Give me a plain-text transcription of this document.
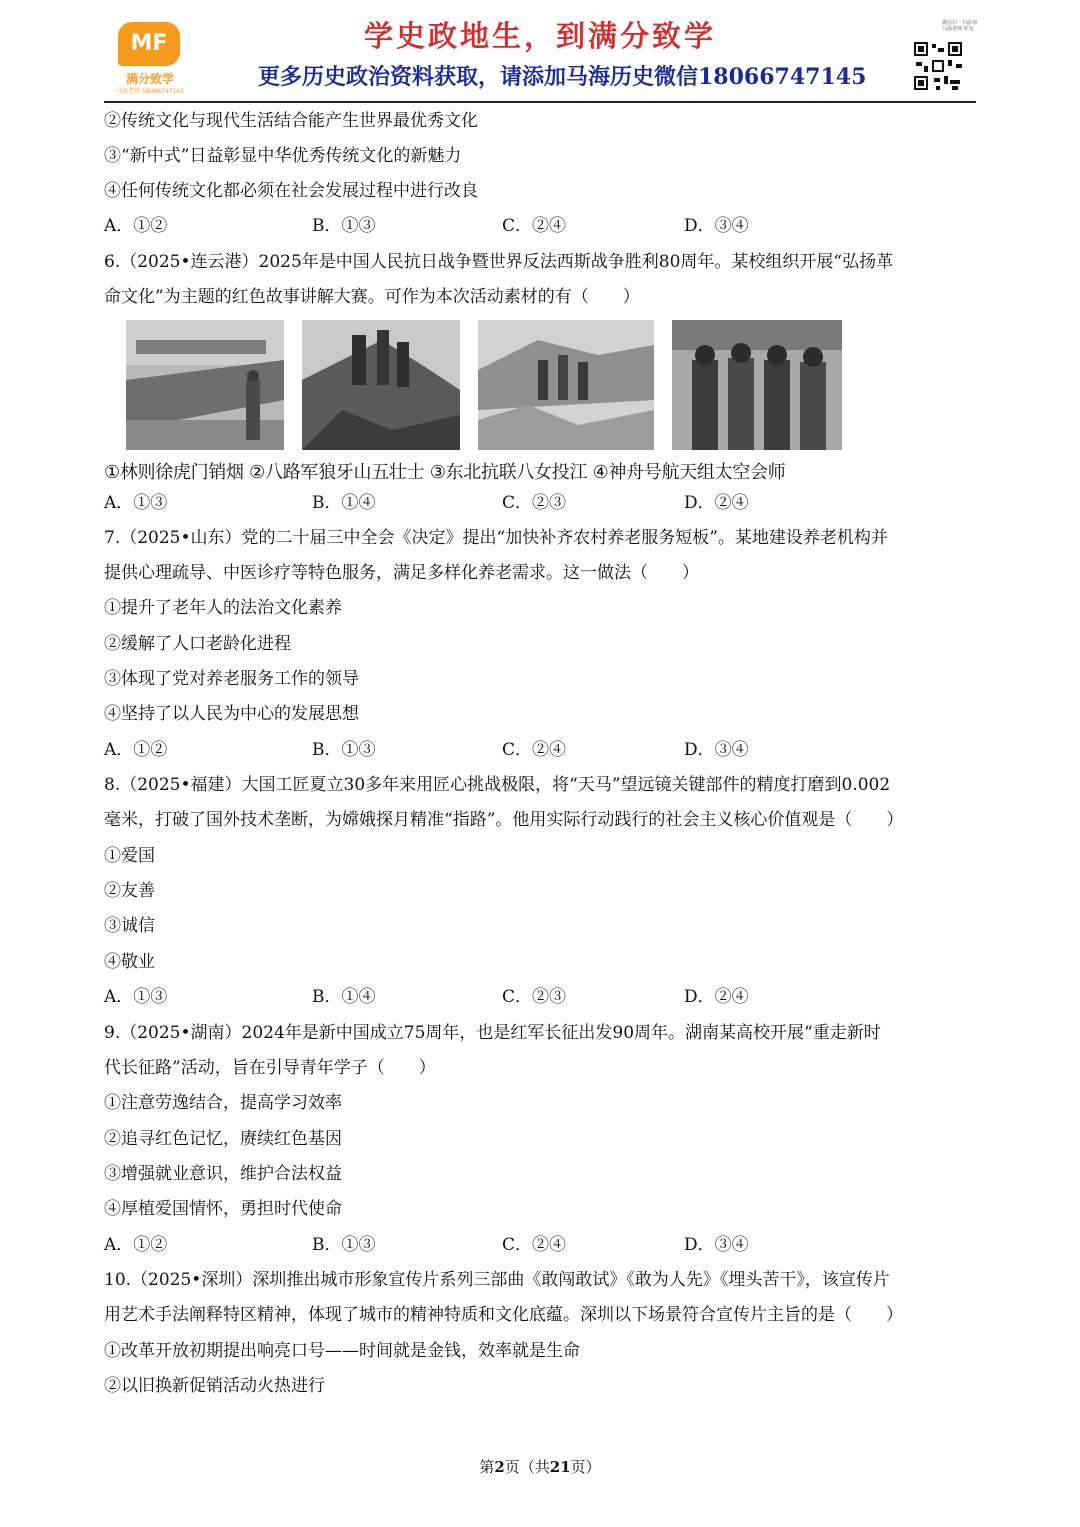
MF
满分致学
马海老师 18066747145
学史政地生，到满分致学
更多历史政治资料获取，请添加马海历史微信18066747145
微信扫一扫添加 马海老师 好友
②传统文化与现代生活结合能产生世界最优秀文化
③“新中式”日益彰显中华优秀传统文化的新魅力
④任何传统文化都必须在社会发展过程中进行改良
A．①②	B．①③	C．②④	D．③④
6.（2025•连云港）2025年是中国人民抗日战争暨世界反法西斯战争胜利80周年。某校组织开展“弘扬革
命文化”为主题的红色故事讲解大赛。可作为本次活动素材的有（　　）
①林则徐虎门销烟 ②八路军狼牙山五壮士 ③东北抗联八女投江 ④神舟号航天组太空会师
A．①③	B．①④	C．②③	D．②④
7.（2025•山东）党的二十届三中全会《决定》提出“加快补齐农村养老服务短板”。某地建设养老机构并
提供心理疏导、中医诊疗等特色服务，满足多样化养老需求。这一做法（　　）
①提升了老年人的法治文化素养
②缓解了人口老龄化进程
③体现了党对养老服务工作的领导
④坚持了以人民为中心的发展思想
A．①②	B．①③	C．②④	D．③④
8.（2025•福建）大国工匠夏立30多年来用匠心挑战极限，将“天马”望远镜关键部件的精度打磨到0.002
毫米，打破了国外技术垄断，为嫦娥探月精准“指路”。他用实际行动践行的社会主义核心价值观是（　　）
①爱国
②友善
③诚信
④敬业
A．①③	B．①④	C．②③	D．②④
9.（2025•湖南）2024年是新中国成立75周年，也是红军长征出发90周年。湖南某高校开展“重走新时
代长征路”活动，旨在引导青年学子（　　）
①注意劳逸结合，提高学习效率
②追寻红色记忆，赓续红色基因
③增强就业意识，维护合法权益
④厚植爱国情怀，勇担时代使命
A．①②	B．①③	C．②④	D．③④
10.（2025•深圳）深圳推出城市形象宣传片系列三部曲《敢闯敢试》《敢为人先》《埋头苦干》，该宣传片
用艺术手法阐释特区精神，体现了城市的精神特质和文化底蕴。深圳以下场景符合宣传片主旨的是（　　）
①改革开放初期提出响亮口号——时间就是金钱，效率就是生命
②以旧换新促销活动火热进行
第2页（共21页）
